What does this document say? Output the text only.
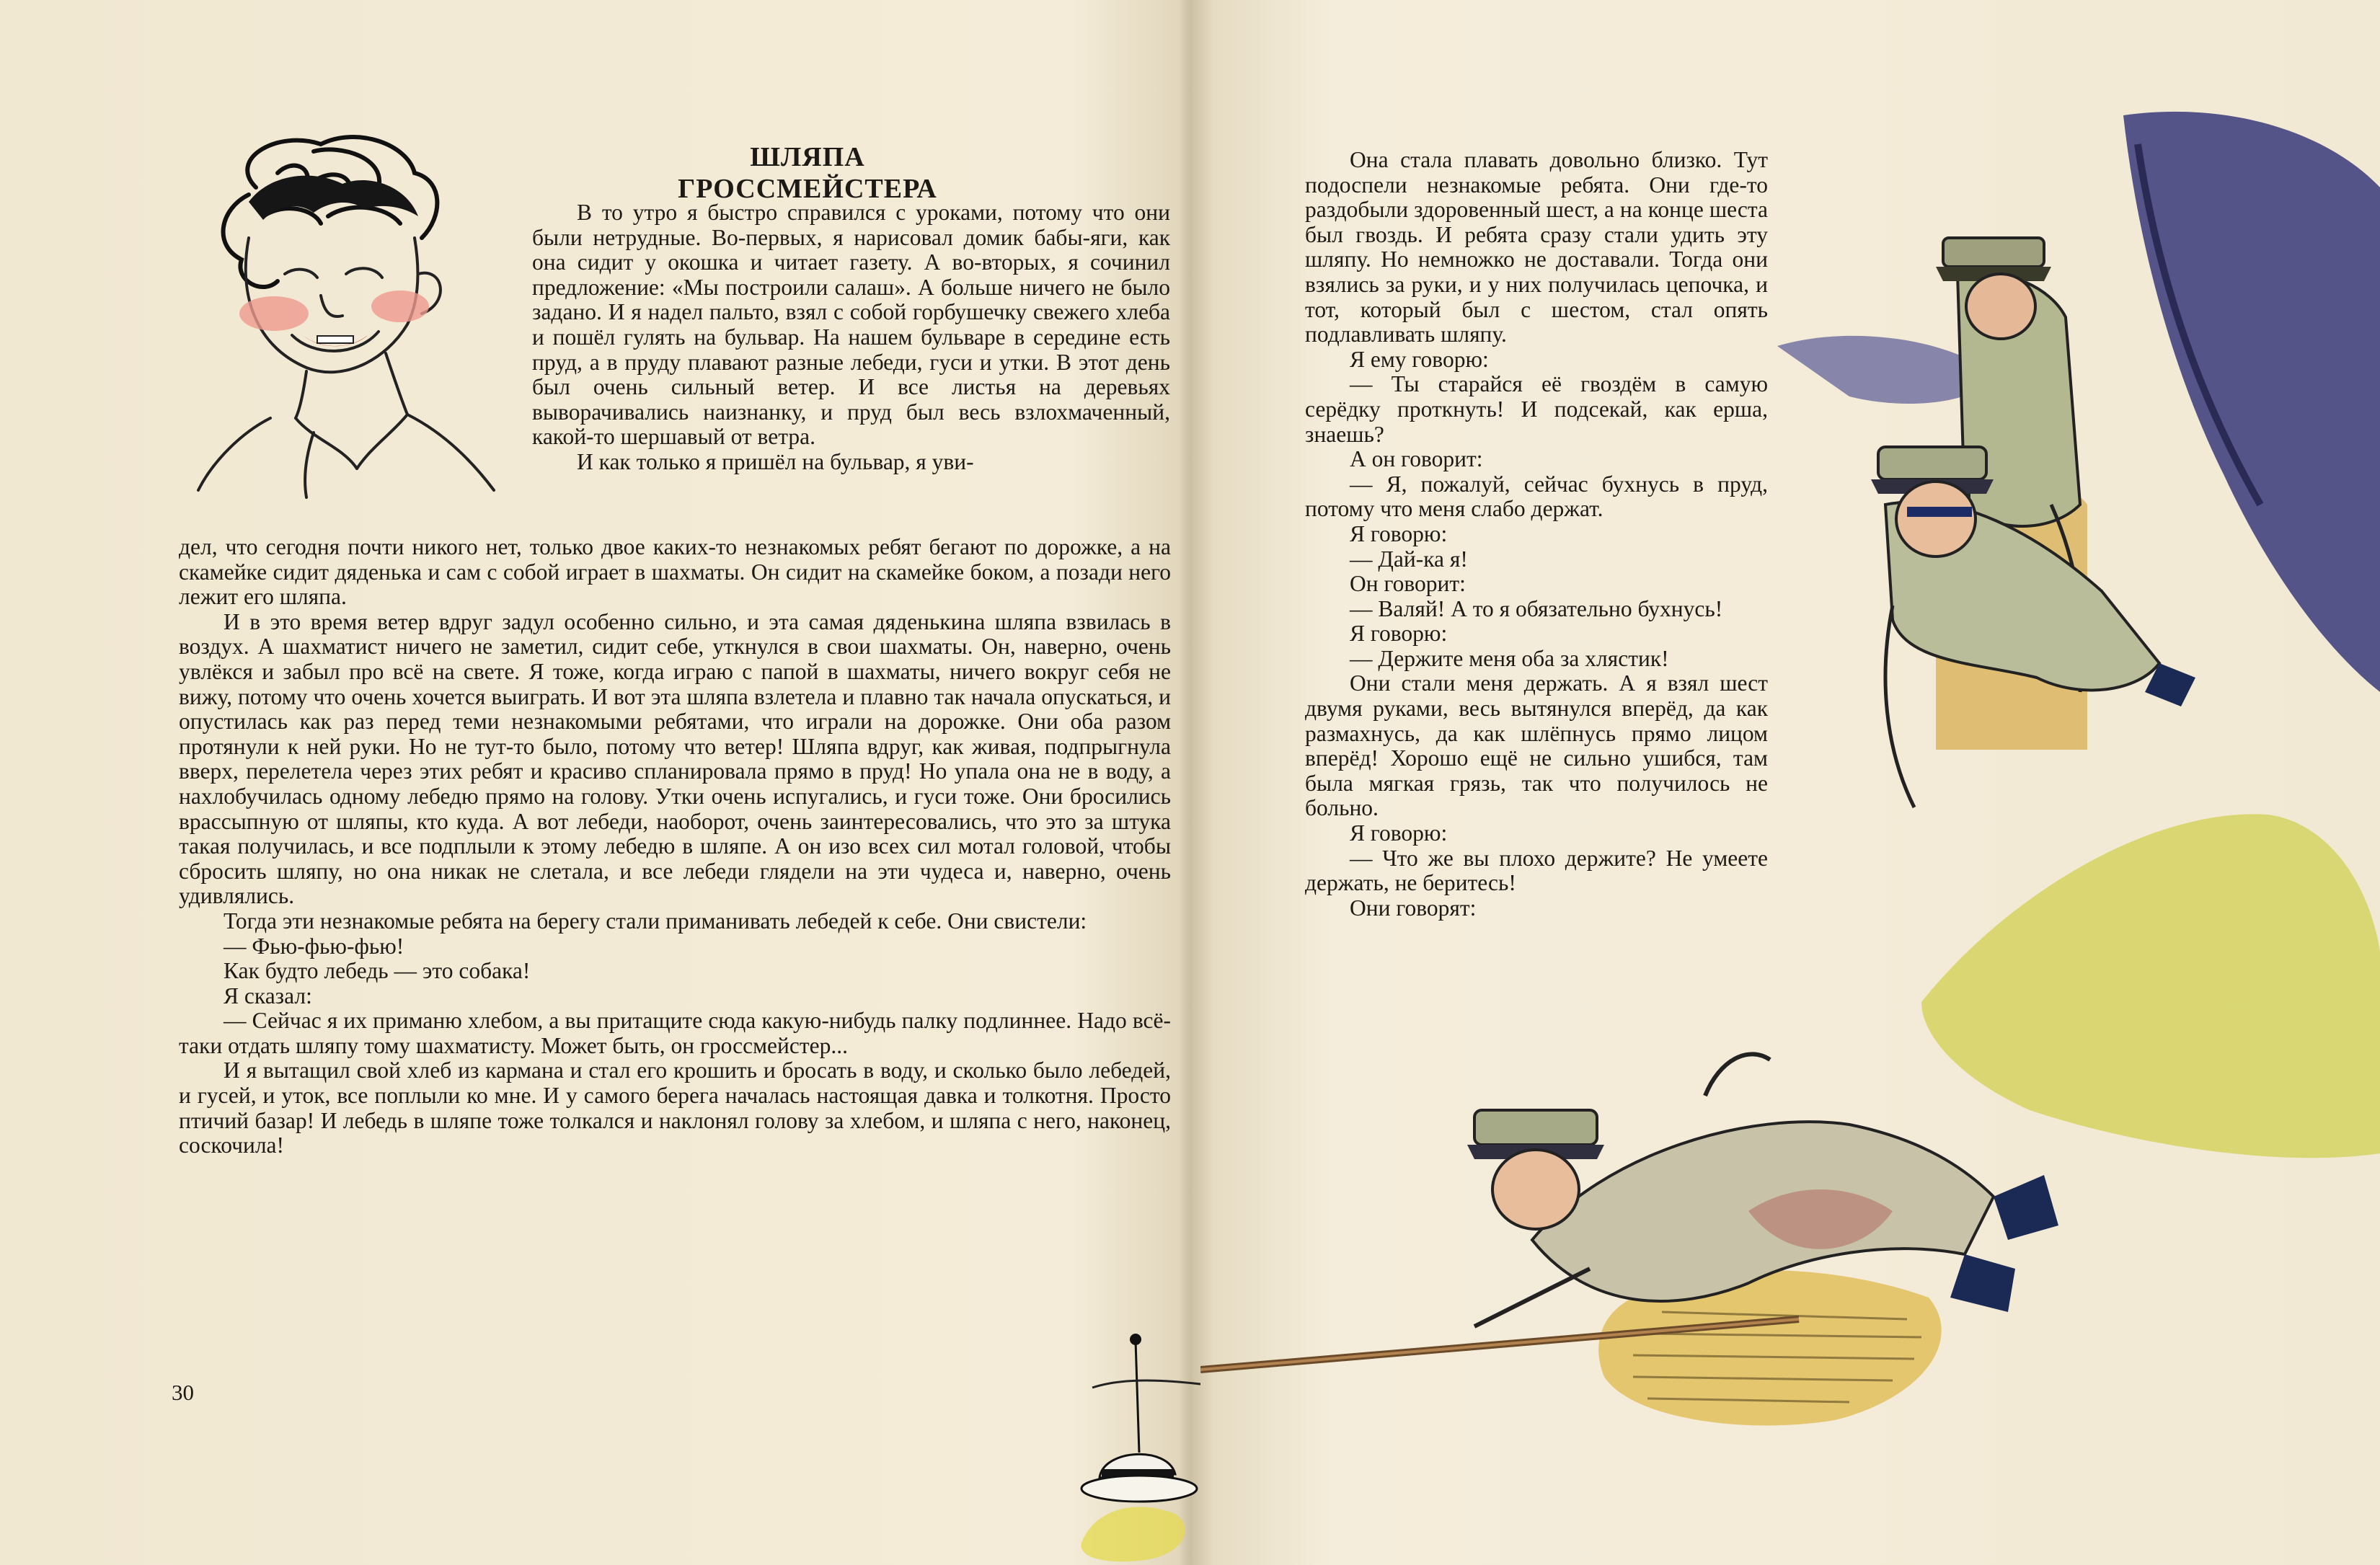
ШЛЯПА ГРОССМЕЙСТЕРА

В то утро я быстро справился с уроками, потому что они были нетрудные. Во-первых, я нарисовал домик бабы-яги, как она сидит у окошка и читает газету. А во-вторых, я сочинил предложение: «Мы построили салаш». А больше ничего не было задано. И я надел пальто, взял с собой горбушечку свежего хлеба и пошёл гулять на бульвар. На нашем бульваре в середине есть пруд, а в пруду плавают разные лебеди, гуси и утки. В этот день был очень сильный ветер. И все листья на деревьях выворачивались наизнанку, и пруд был весь взлохмаченный, какой-то шершавый от ветра.

И как только я пришёл на бульвар, я уви-

дел, что сегодня почти никого нет, только двое каких-то незнакомых ребят бегают по дорожке, а на скамейке сидит дяденька и сам с собой играет в шахматы. Он сидит на скамейке боком, а позади него лежит его шляпа.

И в это время ветер вдруг задул особенно сильно, и эта самая дяденькина шляпа взвилась в воздух. А шахматист ничего не заметил, сидит себе, уткнулся в свои шахматы. Он, наверно, очень увлёкся и забыл про всё на свете. Я тоже, когда играю с папой в шахматы, ничего вокруг себя не вижу, потому что очень хочется выиграть. И вот эта шляпа взлетела и плавно так начала опускаться, и опустилась как раз перед теми незнакомыми ребятами, что играли на дорожке. Они оба разом протянули к ней руки. Но не тут-то было, потому что ветер! Шляпа вдруг, как живая, подпрыгнула вверх, перелетела через этих ребят и красиво спланировала прямо в пруд! Но упала она не в воду, а нахлобучилась одному лебедю прямо на голову. Утки очень испугались, и гуси тоже. Они бросились врассыпную от шляпы, кто куда. А вот лебеди, наоборот, очень заинтересовались, что это за штука такая получилась, и все подплыли к этому лебедю в шляпе. А он изо всех сил мотал головой, чтобы сбросить шляпу, но она никак не слетала, и все лебеди глядели на эти чудеса и, наверно, очень удивлялись.

Тогда эти незнакомые ребята на берегу стали приманивать лебедей к себе. Они свистели:

— Фью-фью-фью!

Как будто лебедь — это собака!

Я сказал:

— Сейчас я их приманю хлебом, а вы притащите сюда какую-нибудь палку подлиннее. Надо всё-таки отдать шляпу тому шахматисту. Может быть, он гроссмейстер...

И я вытащил свой хлеб из кармана и стал его крошить и бросать в воду, и сколько было лебедей, и гусей, и уток, все поплыли ко мне. И у самого берега началась настоящая давка и толкотня. Просто птичий базар! И лебедь в шляпе тоже толкался и наклонял голову за хлебом, и шляпа с него, наконец, соскочила!

30

Она стала плавать довольно близко. Тут подоспели незнакомые ребята. Они где-то раздобыли здоровенный шест, а на конце шеста был гвоздь. И ребята сразу стали удить эту шляпу. Но немножко не доставали. Тогда они взялись за руки, и у них получилась цепочка, и тот, который был с шестом, стал опять подлавливать шляпу.

Я ему говорю:

— Ты старайся её гвоздём в самую серёдку проткнуть! И подсекай, как ерша, знаешь?

А он говорит:

— Я, пожалуй, сейчас бухнусь в пруд, потому что меня слабо держат.

Я говорю:

— Дай-ка я!

Он говорит:

— Валяй! А то я обязательно бухнусь!

Я говорю:

— Держите меня оба за хлястик!

Они стали меня держать. А я взял шест двумя руками, весь вытянулся вперёд, да как размахнусь, да как шлёпнусь прямо лицом вперёд! Хорошо ещё не сильно ушибся, там была мягкая грязь, так что получилось не больно.

Я говорю:

— Что же вы плохо держите? Не умеете держать, не беритесь!

Они говорят:
